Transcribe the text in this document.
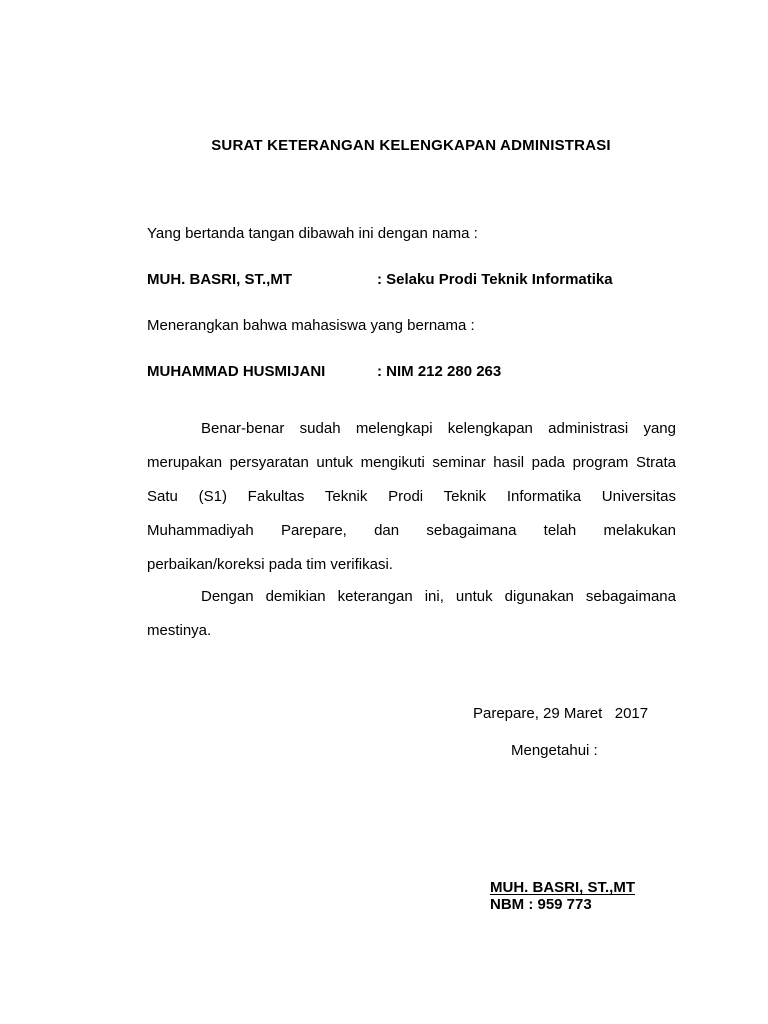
SURAT KETERANGAN KELENGKAPAN ADMINISTRASI
Yang bertanda tangan dibawah ini dengan nama :
MUH. BASRI, ST.,MT	: Selaku Prodi Teknik Informatika
Menerangkan bahwa mahasiswa yang bernama :
MUHAMMAD HUSMIJANI	: NIM 212 280 263
Benar-benar sudah melengkapi kelengkapan administrasi yang
merupakan persyaratan untuk mengikuti seminar hasil pada program Strata
Satu (S1) Fakultas Teknik Prodi Teknik Informatika Universitas
Muhammadiyah Parepare, dan sebagaimana telah melakukan
perbaikan/koreksi pada tim verifikasi.
Dengan demikian keterangan ini, untuk digunakan sebagaimana
mestinya.
Parepare, 29 Maret   2017
Mengetahui :
MUH. BASRI, ST.,MT
NBM : 959 773
